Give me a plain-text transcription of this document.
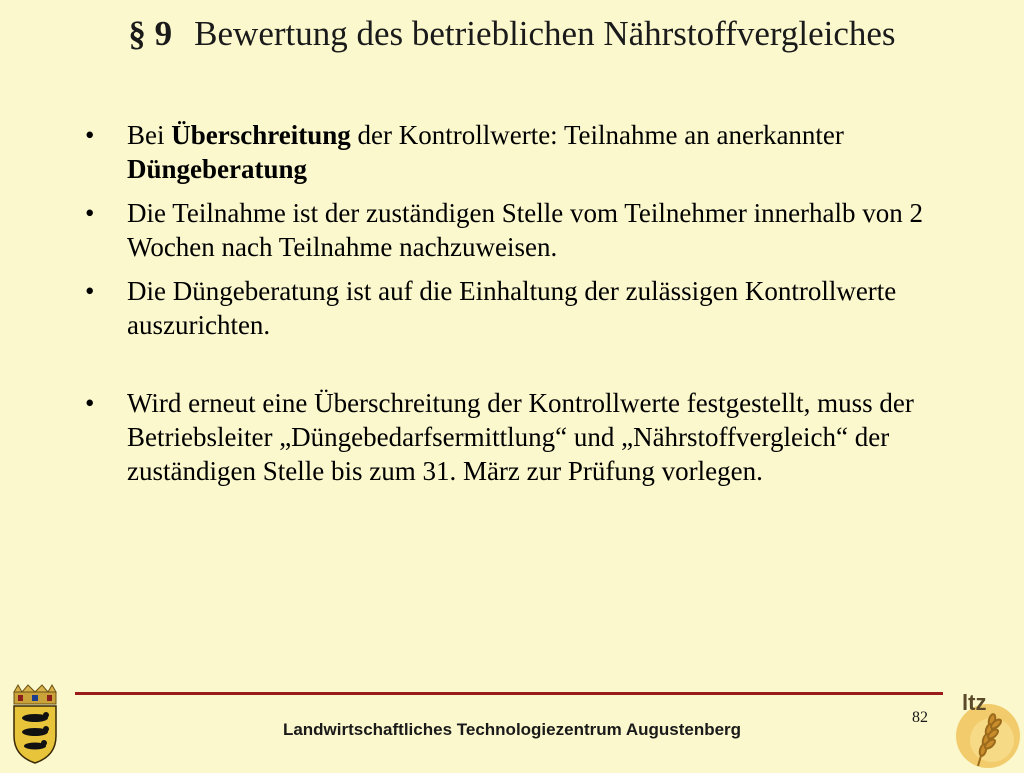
§ 9 Bewertung des betrieblichen Nährstoffvergleiches
• Bei Überschreitung der Kontrollwerte: Teilnahme an anerkannter Düngeberatung
• Die Teilnahme ist der zuständigen Stelle vom Teilnehmer innerhalb von 2 Wochen nach Teilnahme nachzuweisen.
• Die Düngeberatung ist auf die Einhaltung der zulässigen Kontrollwerte auszurichten.
• Wird erneut eine Überschreitung der Kontrollwerte festgestellt, muss der Betriebsleiter „Düngebedarfsermittlung“ und „Nährstoffvergleich“ der zuständigen Stelle bis zum 31. März zur Prüfung vorlegen.
82
Landwirtschaftliches Technologiezentrum Augustenberg
ltz
